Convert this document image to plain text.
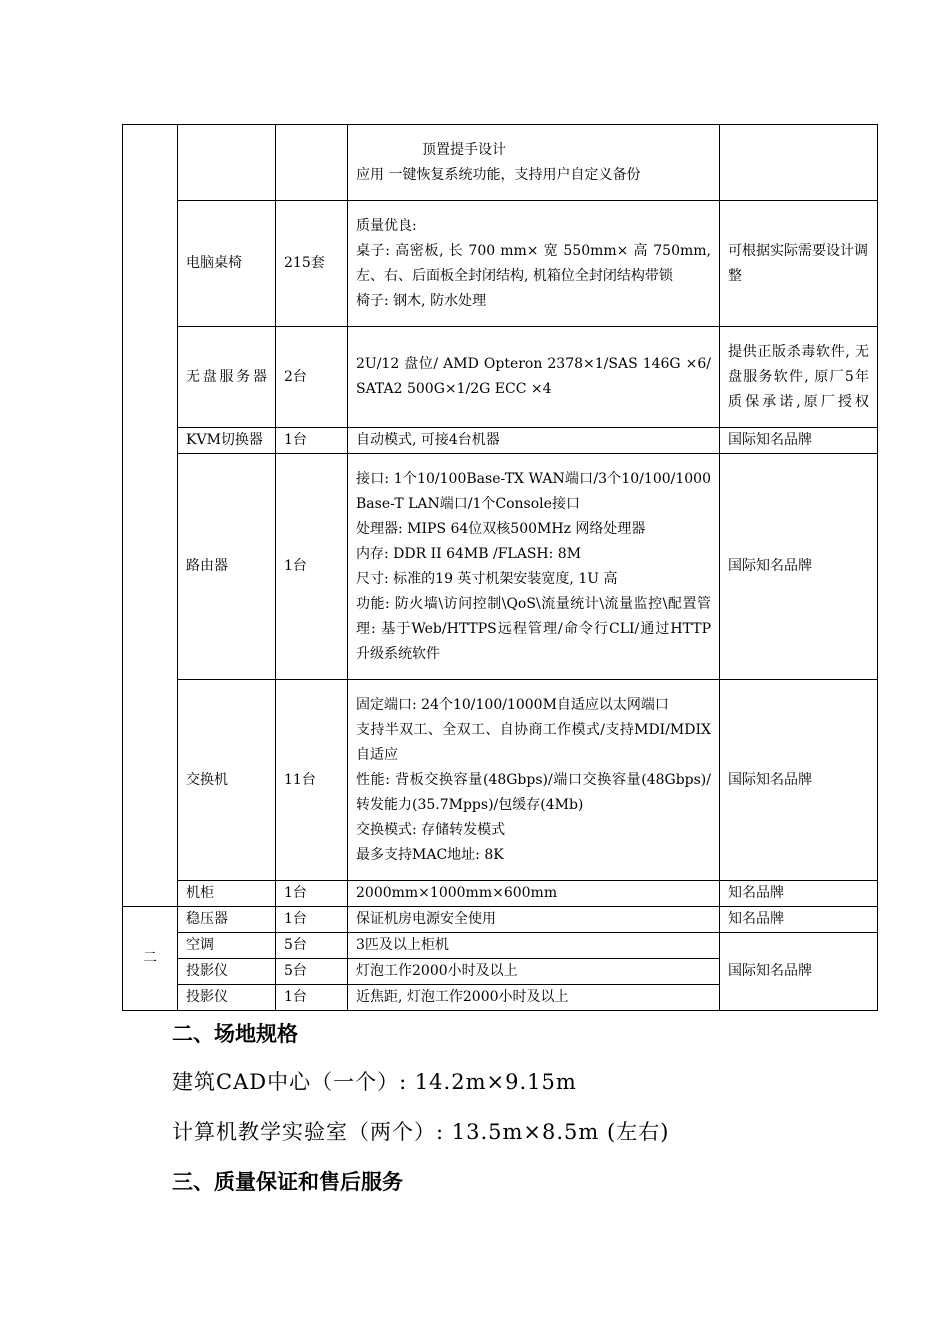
			顶置提手设计
应用 一键恢复系统功能，支持用户自定义备份	

	电脑桌椅	215套	质量优良:
桌子: 高密板, 长 700 mm× 宽 550mm× 高 750mm, 左、右、后面板全封闭结构, 机箱位全封闭结构带锁
椅子: 钢木, 防水处理	可根据实际需要设计调整
	无盘服务器	2台	2U/12 盘位/ AMD Opteron 2378×1/SAS 146G ×6/SATA2 500G×1/2G ECC ×4	提供正版杀毒软件, 无盘服务软件, 原厂5年质保承诺,原厂授权
	KVM切换器	1台	自动模式, 可接4台机器	国际知名品牌
	路由器	1台	接口: 1个10/100Base-TX WAN端口/3个10/100/1000Base-T LAN端口/1个Console接口
处理器: MIPS 64位双核500MHz 网络处理器
内存: DDR II 64MB /FLASH: 8M
尺寸: 标准的19 英寸机架安装宽度, 1U 高
功能: 防火墙\访问控制\QoS\流量统计\流量监控\配置管理: 基于Web/HTTPS远程管理/命令行CLI/通过HTTP 升级系统软件	国际知名品牌
	交换机	11台	固定端口: 24个10/100/1000M自适应以太网端口
支持半双工、全双工、自协商工作模式/支持MDI/MDIX自适应
性能: 背板交换容量(48Gbps)/端口交换容量(48Gbps)/转发能力(35.7Mpps)/包缓存(4Mb)
交换模式: 存储转发模式
最多支持MAC地址: 8K	国际知名品牌
	机柜	1台	2000mm×1000mm×600mm	知名品牌
二	稳压器	1台	保证机房电源安全使用	知名品牌
	空调	5台	3匹及以上柜机	国际知名品牌
	投影仪	5台	灯泡工作2000小时及以上	
	投影仪	1台	近焦距, 灯泡工作2000小时及以上	
二、场地规格
建筑CAD中心（一个）: 14.2m×9.15m
计算机教学实验室（两个）: 13.5m×8.5m (左右)
三、质量保证和售后服务
